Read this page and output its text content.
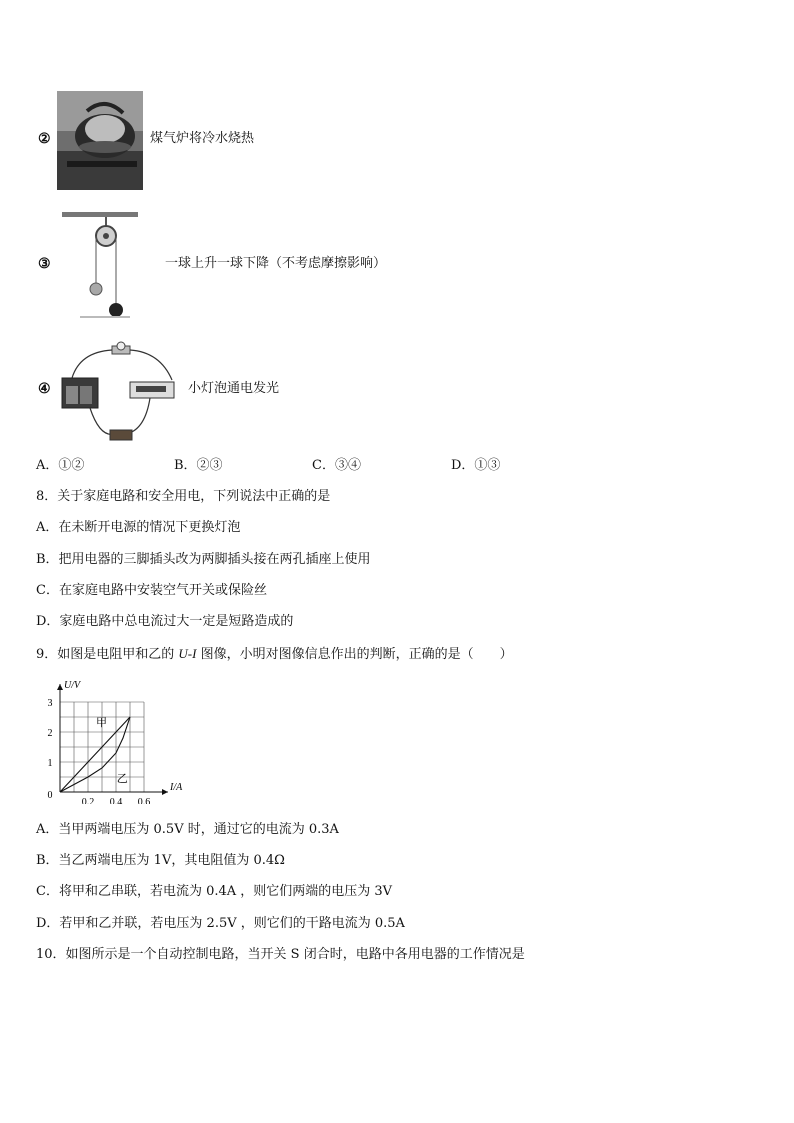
②	煤气炉将冷水烧热
③	一球上升一球下降（不考虑摩擦影响）
④	小灯泡通电发光
A．①②	B．②③	C．③④	D．①③
8．关于家庭电路和安全用电，下列说法中正确的是
A．在未断开电源的情况下更换灯泡
B．把用电器的三脚插头改为两脚插头接在两孔插座上使用
C．在家庭电路中安装空气开关或保险丝
D．家庭电路中总电流过大一定是短路造成的
9．如图是电阻甲和乙的 U-I 图像，小明对图像信息作出的判断，正确的是（　　）
甲
乙
0.2 0.4 0.6
1
2
3
0
I/A
U/V
A．当甲两端电压为 0.5V 时，通过它的电流为 0.3A
B．当乙两端电压为 1V，其电阻值为 0.4Ω
C．将甲和乙串联，若电流为 0.4A ，则它们两端的电压为 3V
D．若甲和乙并联，若电压为 2.5V ，则它们的干路电流为 0.5A
10．如图所示是一个自动控制电路，当开关 S 闭合时，电路中各用电器的工作情况是
